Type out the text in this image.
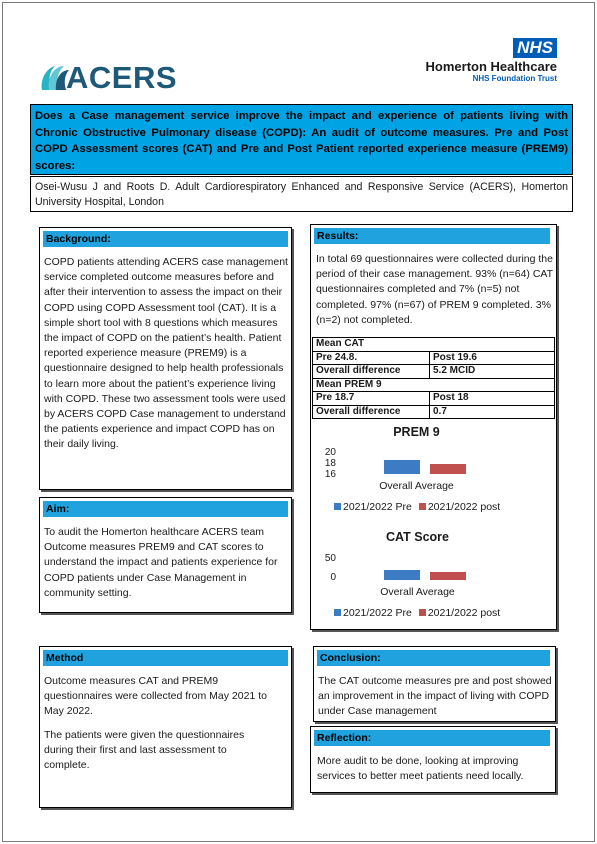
ACERS
NHS
Homerton Healthcare
NHS Foundation Trust
Does a Case management service improve the impact and experience of patients living with Chronic Obstructive Pulmonary disease (COPD): An audit of outcome measures. Pre and Post COPD Assessment scores (CAT) and Pre and Post Patient reported experience measure (PREM9) scores:
Osei-Wusu J and Roots D. Adult Cardiorespiratory Enhanced and Responsive Service (ACERS), Homerton University Hospital, London
Background:
COPD patients attending ACERS case management service completed outcome measures before and after their intervention to assess the impact on their COPD using COPD Assessment tool (CAT). It is a simple short tool with 8 questions which measures the impact of COPD on the patient’s health. Patient reported experience measure (PREM9) is a questionnaire designed to help health professionals to learn more about the patient’s experience living with COPD. These two assessment tools were used by ACERS COPD Case management to understand the patients experience and impact COPD has on their daily living.
Aim:
To audit the Homerton healthcare ACERS team Outcome measures PREM9 and CAT scores to understand the impact and patients experience for COPD patients under Case Management in community setting.
Method
Outcome measures CAT and PREM9 questionnaires were collected from May 2021 to May 2022.
The patients were given the questionnaires during their first and last assessment to complete.
Results:
In total 69 questionnaires were collected during the period of their case management. 93% (n=64) CAT questionnaires completed and 7% (n=5) not completed. 97% (n=67) of PREM 9 completed. 3% (n=2) not completed.
Mean CAT	
Pre 24.8.	Post 19.6
Overall difference	5.2 MCID
Mean PREM 9	
Pre 18.7	Post 18
Overall difference	0.7
PREM 9
20
18
16
Overall Average
2021/2022 Pre 2021/2022 post
CAT Score
50
0
Overall Average
2021/2022 Pre 2021/2022 post
Conclusion:
The CAT outcome measures pre and post showed an improvement in the impact of living with COPD under Case management
Reflection:
More audit to be done, looking at improving services to better meet patients need locally.
